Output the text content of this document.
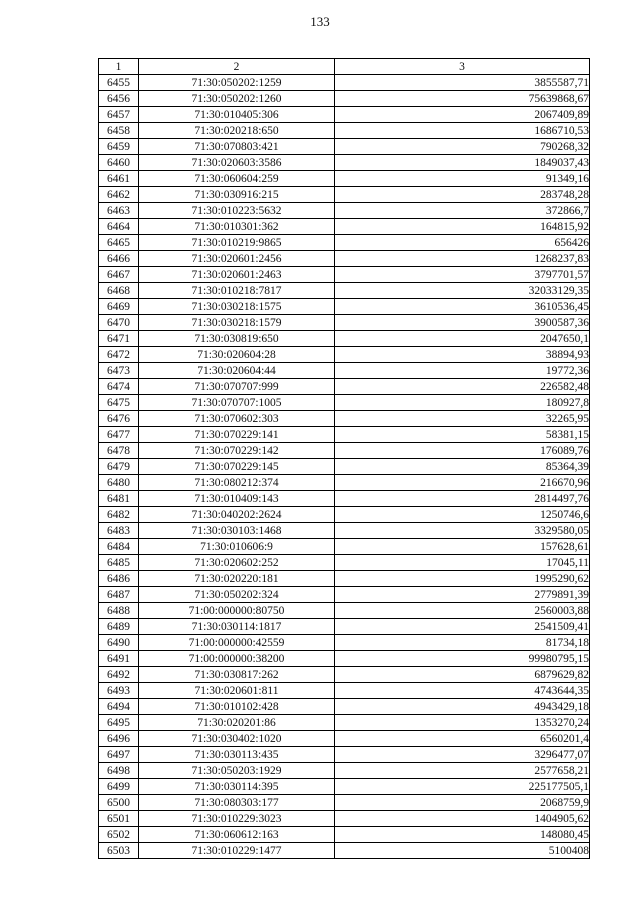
133
1	2	3
6455	71:30:050202:1259	3855587,71
6456	71:30:050202:1260	75639868,67
6457	71:30:010405:306	2067409,89
6458	71:30:020218:650	1686710,53
6459	71:30:070803:421	790268,32
6460	71:30:020603:3586	1849037,43
6461	71:30:060604:259	91349,16
6462	71:30:030916:215	283748,28
6463	71:30:010223:5632	372866,7
6464	71:30:010301:362	164815,92
6465	71:30:010219:9865	656426
6466	71:30:020601:2456	1268237,83
6467	71:30:020601:2463	3797701,57
6468	71:30:010218:7817	32033129,35
6469	71:30:030218:1575	3610536,45
6470	71:30:030218:1579	3900587,36
6471	71:30:030819:650	2047650,1
6472	71:30:020604:28	38894,93
6473	71:30:020604:44	19772,36
6474	71:30:070707:999	226582,48
6475	71:30:070707:1005	180927,8
6476	71:30:070602:303	32265,95
6477	71:30:070229:141	58381,15
6478	71:30:070229:142	176089,76
6479	71:30:070229:145	85364,39
6480	71:30:080212:374	216670,96
6481	71:30:010409:143	2814497,76
6482	71:30:040202:2624	1250746,6
6483	71:30:030103:1468	3329580,05
6484	71:30:010606:9	157628,61
6485	71:30:020602:252	17045,11
6486	71:30:020220:181	1995290,62
6487	71:30:050202:324	2779891,39
6488	71:00:000000:80750	2560003,88
6489	71:30:030114:1817	2541509,41
6490	71:00:000000:42559	81734,18
6491	71:00:000000:38200	99980795,15
6492	71:30:030817:262	6879629,82
6493	71:30:020601:811	4743644,35
6494	71:30:010102:428	4943429,18
6495	71:30:020201:86	1353270,24
6496	71:30:030402:1020	6560201,4
6497	71:30:030113:435	3296477,07
6498	71:30:050203:1929	2577658,21
6499	71:30:030114:395	225177505,1
6500	71:30:080303:177	2068759,9
6501	71:30:010229:3023	1404905,62
6502	71:30:060612:163	148080,45
6503	71:30:010229:1477	5100408
